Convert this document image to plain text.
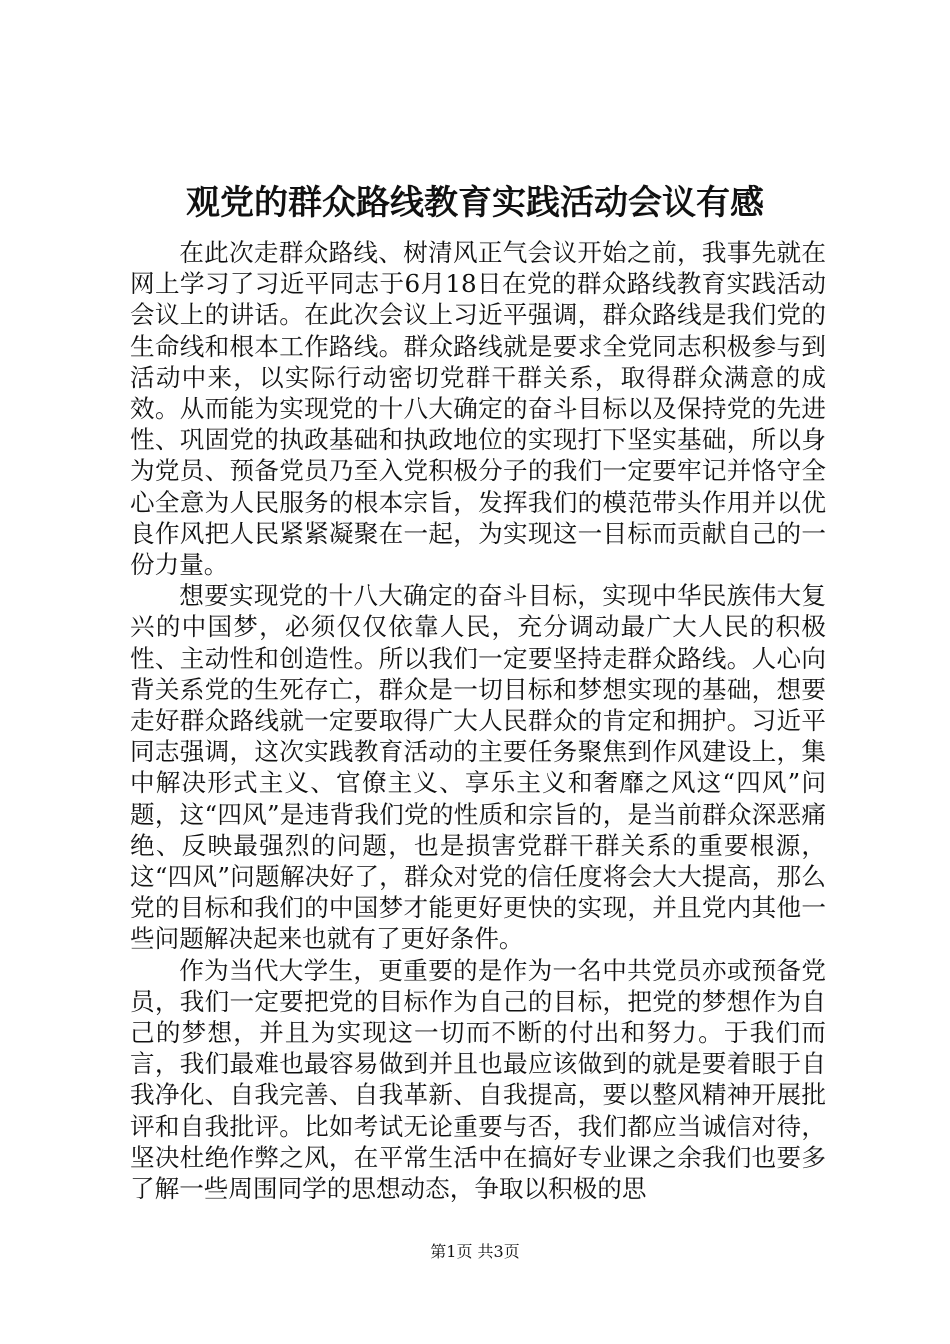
观党的群众路线教育实践活动会议有感

在此次走群众路线、树清风正气会议开始之前，我事先就在网上学习了习近平同志于6月18日在党的群众路线教育实践活动会议上的讲话。在此次会议上习近平强调，群众路线是我们党的生命线和根本工作路线。群众路线就是要求全党同志积极参与到活动中来，以实际行动密切党群干群关系，取得群众满意的成效。从而能为实现党的十八大确定的奋斗目标以及保持党的先进性、巩固党的执政基础和执政地位的实现打下坚实基础，所以身为党员、预备党员乃至入党积极分子的我们一定要牢记并恪守全心全意为人民服务的根本宗旨，发挥我们的模范带头作用并以优良作风把人民紧紧凝聚在一起，为实现这一目标而贡献自己的一份力量。

想要实现党的十八大确定的奋斗目标，实现中华民族伟大复兴的中国梦，必须仅仅依靠人民，充分调动最广大人民的积极性、主动性和创造性。所以我们一定要坚持走群众路线。人心向背关系党的生死存亡，群众是一切目标和梦想实现的基础，想要走好群众路线就一定要取得广大人民群众的肯定和拥护。习近平同志强调，这次实践教育活动的主要任务聚焦到作风建设上，集中解决形式主义、官僚主义、享乐主义和奢靡之风这“四风”问题，这“四风”是违背我们党的性质和宗旨的，是当前群众深恶痛绝、反映最强烈的问题，也是损害党群干群关系的重要根源，这“四风”问题解决好了，群众对党的信任度将会大大提高，那么党的目标和我们的中国梦才能更好更快的实现，并且党内其他一些问题解决起来也就有了更好条件。

作为当代大学生，更重要的是作为一名中共党员亦或预备党员，我们一定要把党的目标作为自己的目标，把党的梦想作为自己的梦想，并且为实现这一切而不断的付出和努力。于我们而言，我们最难也最容易做到并且也最应该做到的就是要着眼于自我净化、自我完善、自我革新、自我提高，要以整风精神开展批评和自我批评。比如考试无论重要与否，我们都应当诚信对待，坚决杜绝作弊之风，在平常生活中在搞好专业课之余我们也要多了解一些周围同学的思想动态，争取以积极的思

第1页 共3页
